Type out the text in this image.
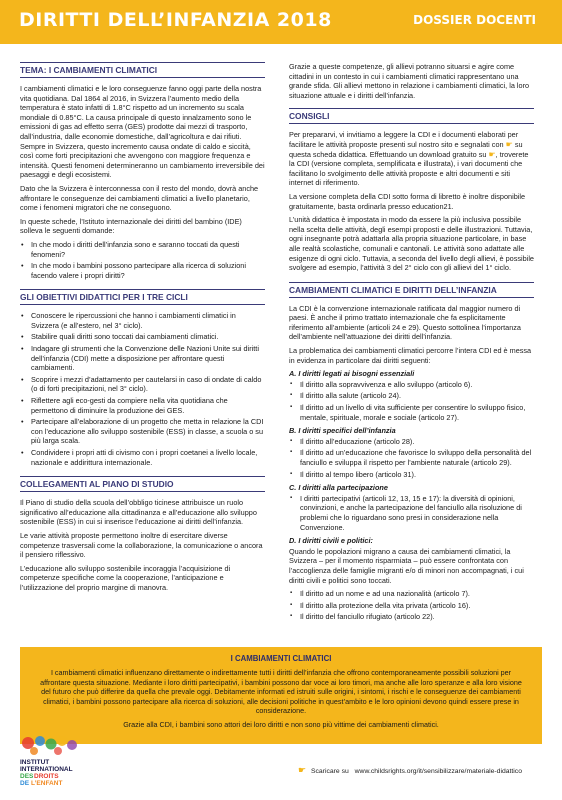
DIRITTI DELL’INFANZIA 2018	DOSSIER DOCENTI
TEMA: I CAMBIAMENTI CLIMATICI

I cambiamenti climatici e le loro conseguenze fanno oggi parte della nostra vita quotidiana. Dal 1864 al 2016, in Svizzera l’aumento medio della temperatura è stato infatti di 1.8°C rispetto ad un incremento su scala mondiale di 0.85°C. La causa principale di questo innalzamento sono le emissioni di gas ad effetto serra (GES) prodotte dai mezzi di trasporto, dall’industria, dalle economie domestiche, dall’agricoltura e dai rifiuti. Sempre in Svizzera, questo incremento causa ondate di caldo e siccità, così come forti precipitazioni che avvengono con maggiore frequenza e intensità. Questi fenomeni determineranno un cambiamento irreversibile dei paesaggi e degli ecosistemi.

Dato che la Svizzera è interconnessa con il resto del mondo, dovrà anche affrontare le conseguenze dei cambiamenti climatici a livello planetario, come i fenomeni migratori che ne conseguono.

In queste schede, l’Istituto internazionale dei diritti del bambino (IDE) solleva le seguenti domande:

• In che modo i diritti dell’infanzia sono e saranno toccati da questi fenomeni?
• In che modo i bambini possono partecipare alla ricerca di soluzioni facendo valere i propri diritti?
GLI OBIETTIVI DIDATTICI PER I TRE CICLI
• Conoscere le ripercussioni che hanno i cambiamenti climatici in Svizzera (e all’estero, nel 3° ciclo).
• Stabilire quali diritti sono toccati dai cambiamenti climatici.
• Indagare gli strumenti che la Convenzione delle Nazioni Unite sui diritti dell’infanzia (CDI) mette a disposizione per affrontare questi cambiamenti.
• Scoprire i mezzi d’adattamento per cautelarsi in caso di ondate di caldo (o di forti precipitazioni, nel 3° ciclo).
• Riflettere agli eco-gesti da compiere nella vita quotidiana che permettono di diminuire la produzione dei GES.
• Partecipare all’elaborazione di un progetto che metta in relazione la CDI con l’educazione allo sviluppo sostenibile (ESS) in classe, a scuola o su più larga scala.
• Condividere i propri atti di civismo con i propri coetanei a livello locale, nazionale e addirittura internazionale.
COLLEGAMENTI AL PIANO DI STUDIO

Il Piano di studio della scuola dell’obbligo ticinese attribuisce un ruolo significativo all’educazione alla cittadinanza e all’educazione allo sviluppo sostenibile (ESS) in cui si inserisce l’educazione ai diritti dell’infanzia.

Le varie attività proposte permettono inoltre di esercitare diverse competenze trasversali come la collaborazione, la comunicazione o ancora il pensiero riflessivo.

L’educazione allo sviluppo sostenibile incoraggia l’acquisizione di competenze specifiche come la cooperazione, l’anticipazione e l’utilizzazione del proprio margine di manovra.

Grazie a queste competenze, gli allievi potranno situarsi e agire come cittadini in un contesto in cui i cambiamenti climatici rappresentano una grande sfida. Gli allievi mettono in relazione i cambiamenti climatici, la loro situazione attuale e i diritti dell’infanzia.

CONSIGLI

Per prepararvi, vi invitiamo a leggere la CDI e i documenti elaborati per facilitare le attività proposte presenti sul nostro sito e segnalati con ☛ su questa scheda didattica. Effettuando un download gratuito su ☛, troverete la CDI (versione completa, semplificata e illustrata), i vari documenti che facilitano lo svolgimento delle attività proposte e altri documenti e siti internet di riferimento.

La versione completa della CDI sotto forma di libretto è inoltre disponibile gratuitamente, basta ordinarla presso education21.

L’unità didattica è impostata in modo da essere la più inclusiva possibile nella scelta delle attività, degli esempi proposti e delle illustrazioni. Tuttavia, ogni insegnante potrà adattarla alla propria situazione particolare, in base alle realtà scolastiche, comunali e cantonali. Le attività sono adattate alle esigenze di ogni ciclo. Tuttavia, a seconda del livello degli allievi, è possibile svolgere ad esempio, l’attività 3 del 2° ciclo con gli allievi del 1° ciclo.

CAMBIAMENTI CLIMATICI E DIRITTI DELL’INFANZIA

La CDI è la convenzione internazionale ratificata dal maggior numero di paesi. È anche il primo trattato internazionale che fa esplicitamente riferimento all’ambiente (articoli 24 e 29). Questo sottolinea l’importanza dell’ambiente nell’attuazione dei diritti dell’infanzia.

La problematica dei cambiamenti climatici percorre l’intera CDI ed è messa in evidenza in particolare dai diritti seguenti:

A. I diritti legati ai bisogni essenziali
▪ Il diritto alla sopravvivenza e allo sviluppo (articolo 6).
▪ Il diritto alla salute (articolo 24).
▪ Il diritto ad un livello di vita sufficiente per consentire lo sviluppo fisico, mentale, spirituale, morale e sociale (articolo 27).
B. I diritti specifici dell’infanzia
▪ Il diritto all’educazione (articolo 28).
▪ Il diritto ad un’educazione che favorisce lo sviluppo della personalità del fanciullo e sviluppa il rispetto per l’ambiente naturale (articolo 29).
▪ Il diritto al tempo libero (articolo 31).
C. I diritti alla partecipazione
▪ I diritti partecipativi (articoli 12, 13, 15 e 17): la diversità di opinioni, convinzioni, e anche la partecipazione del fanciullo alla risoluzione di problemi che lo riguardano sono presi in considerazione nella Convenzione.
D. I diritti civili e politici:

Quando le popolazioni migrano a causa dei cambiamenti climatici, la Svizzera – per il momento risparmiata – può essere confrontata con l’accoglienza delle famiglie migranti e/o di minori non accompagnati, i cui diritti civili e politici sono toccati.

▪ Il diritto ad un nome e ad una nazionalità (articolo 7).
▪ Il diritto alla protezione della vita privata (articolo 16).
▪ Il diritto del fanciullo rifugiato (articolo 22).
I CAMBIAMENTI CLIMATICI

I cambiamenti climatici influenzano direttamente o indirettamente tutti i diritti dell’infanzia che offrono contemporaneamente possibili soluzioni per affrontare questa situazione. Mediante i loro diritti partecipativi, i bambini possono dar voce ai loro timori, ma anche alle loro speranze e alla loro visione del futuro che può differire da quella che prevale oggi. Debitamente informati ed istruiti sulle origini, i sintomi, i rischi e le conseguenze dei cambiamenti climatici, i bambini possono partecipare alla ricerca di soluzioni, alle decisioni politiche in quest’ambito e le loro opinioni devono quindi essere prese in considerazione.

Grazie alla CDI, i bambini sono attori dei loro diritti e non sono più vittime dei cambiamenti climatici.

INSTITUT
INTERNATIONAL
DES DROITS
DE L’ENFANT
☛ Scaricare su www.childsrights.org/it/sensibilizzare/materiale-didattico
